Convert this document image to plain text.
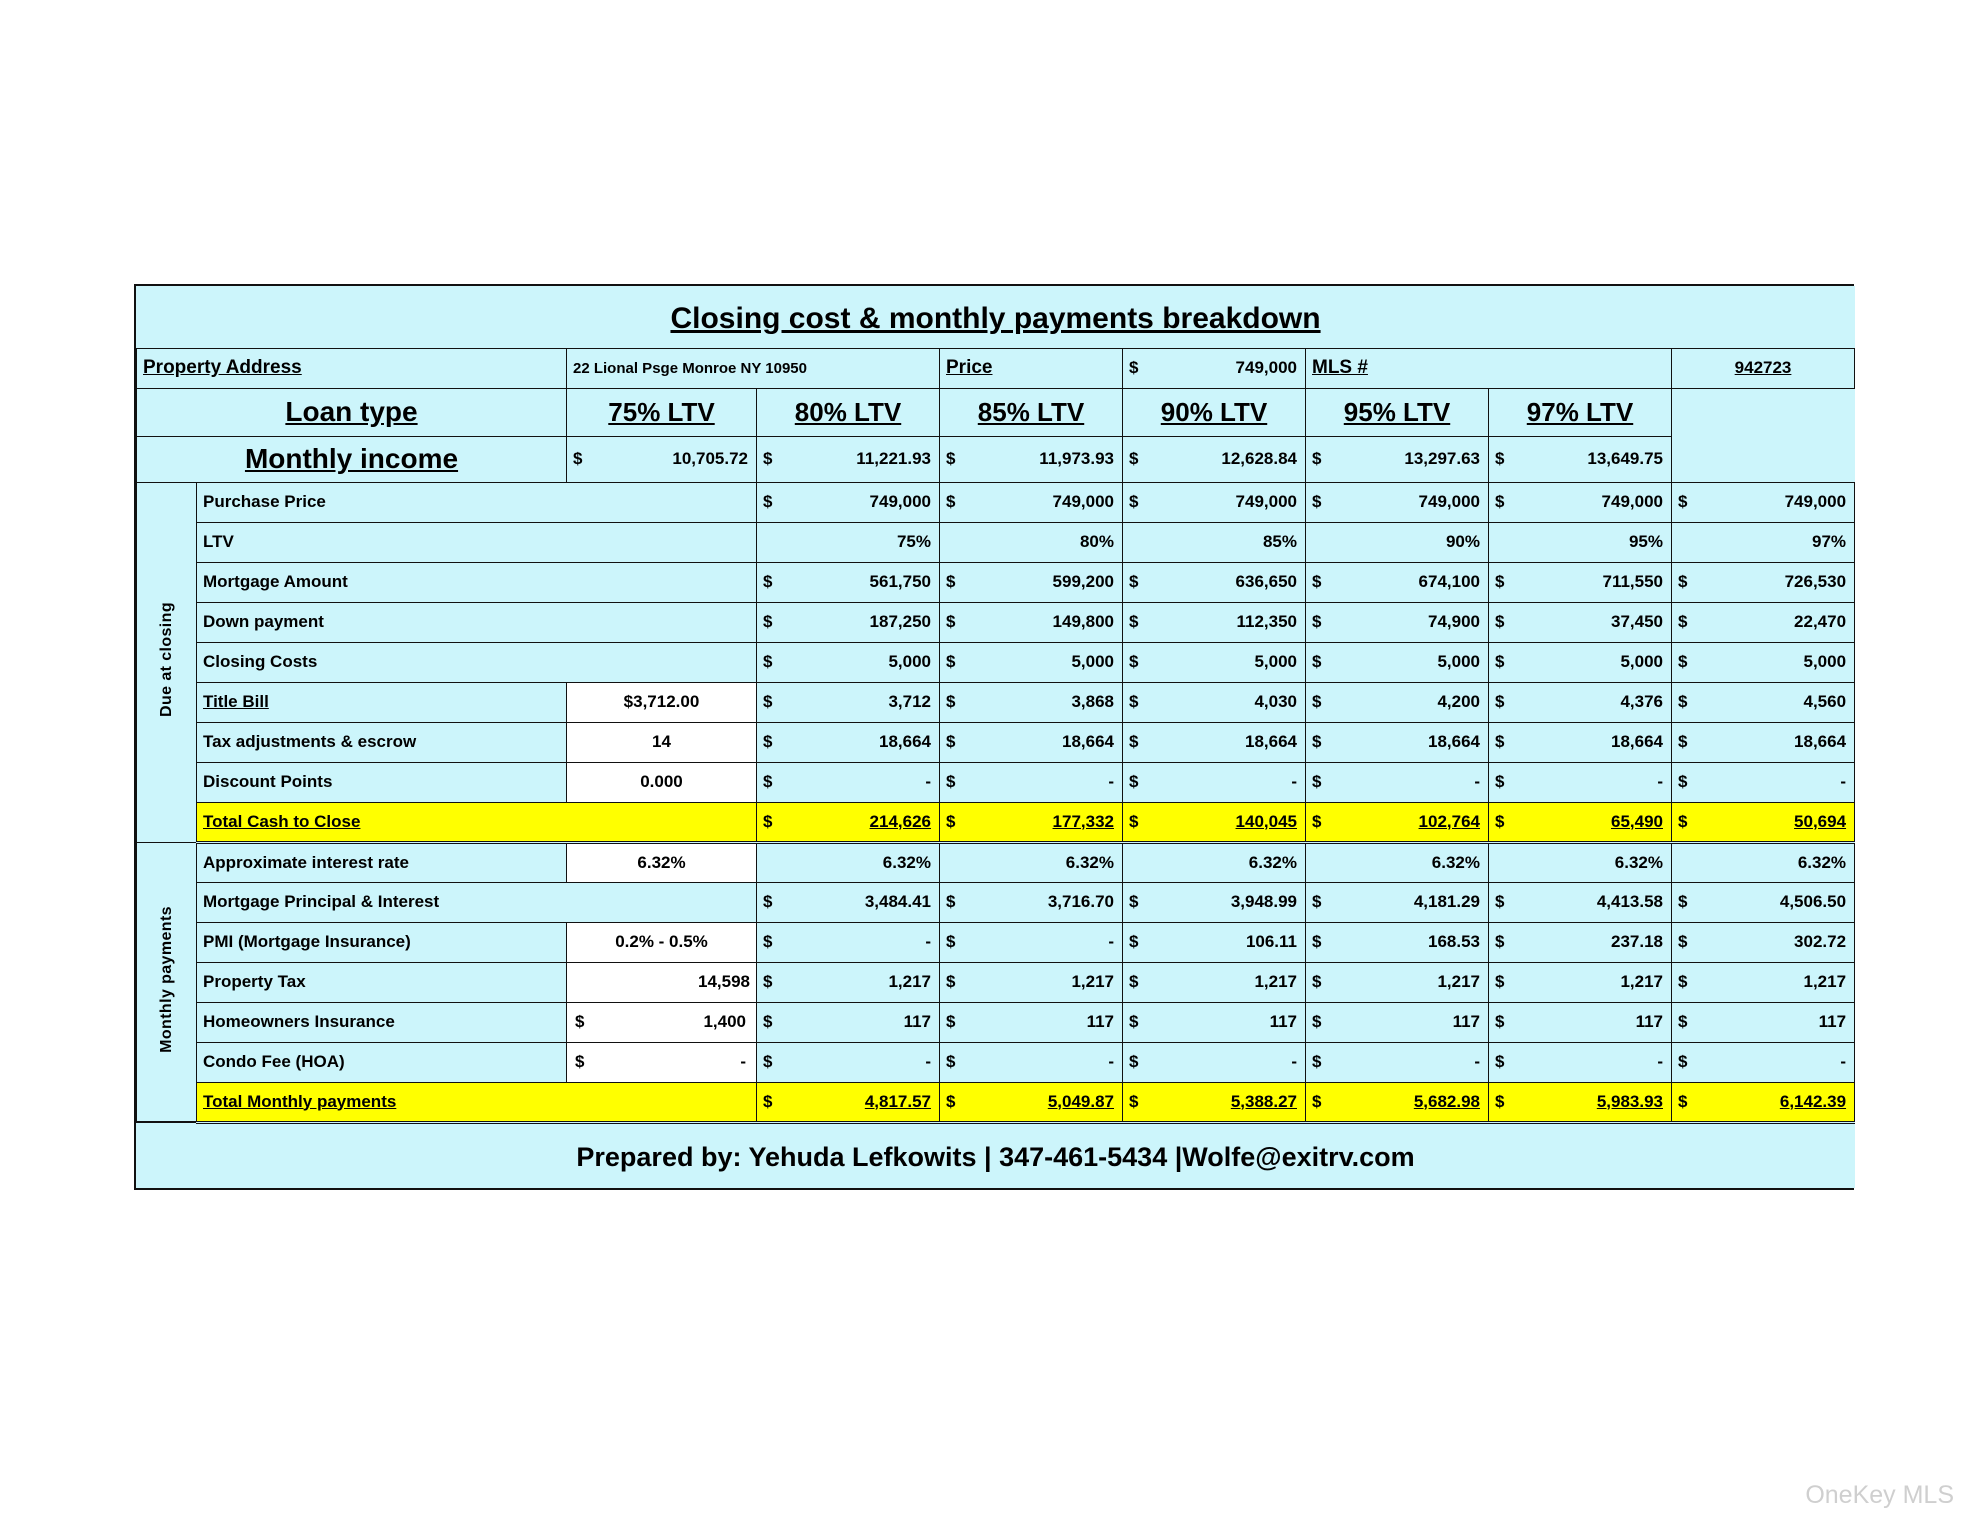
Closing cost & monthly payments breakdown								
Property Address		22 Lional Psge Monroe NY 10950		Price	$ 749,000	MLS #		942723
Loan type		75% LTV	80% LTV	85% LTV	90% LTV	95% LTV	97% LTV	
Monthly income		$ 10,705.72	$ 11,221.93	$ 11,973.93	$ 12,628.84	$ 13,297.63	$ 13,649.75
Due at closing	Purchase Price		$ 749,000	$ 749,000	$ 749,000	$ 749,000	$ 749,000	$ 749,000
	LTV		75%	80%	85%	90%	95%	97%
	Mortgage Amount		$ 561,750	$ 599,200	$ 636,650	$ 674,100	$ 711,550	$ 726,530
	Down payment		$ 187,250	$ 149,800	$ 112,350	$ 74,900	$ 37,450	$ 22,470
	Closing Costs		$ 5,000	$ 5,000	$ 5,000	$ 5,000	$ 5,000	$ 5,000
	Title Bill	$3,712.00	$ 3,712	$ 3,868	$ 4,030	$ 4,200	$ 4,376	$ 4,560
	Tax adjustments & escrow	14	$ 18,664	$ 18,664	$ 18,664	$ 18,664	$ 18,664	$ 18,664
	Discount Points	0.000	$ -	$ -	$ -	$ -	$ -	$ -
	Total Cash to Close		$ 214,626	$ 177,332	$ 140,045	$ 102,764	$ 65,490	$ 50,694
Monthly payments	Approximate interest rate	6.32%	6.32%	6.32%	6.32%	6.32%	6.32%	6.32%
	Mortgage Principal & Interest		$ 3,484.41	$ 3,716.70	$ 3,948.99	$ 4,181.29	$ 4,413.58	$ 4,506.50
	PMI (Mortgage Insurance)	0.2% - 0.5%	$ -	$ -	$ 106.11	$ 168.53	$ 237.18	$ 302.72
	Property Tax	14,598	$ 1,217	$ 1,217	$ 1,217	$ 1,217	$ 1,217	$ 1,217
	Homeowners Insurance	$ 1,400	$ 117	$ 117	$ 117	$ 117	$ 117	$ 117
	Condo Fee (HOA)	$ -	$ -	$ -	$ -	$ -	$ -	$ -
	Total Monthly payments		$ 4,817.57	$ 5,049.87	$ 5,388.27	$ 5,682.98	$ 5,983.93	$ 6,142.39
Prepared by: Yehuda Lefkowits | 347-461-5434 |Wolfe@exitrv.com								
OneKey MLS
